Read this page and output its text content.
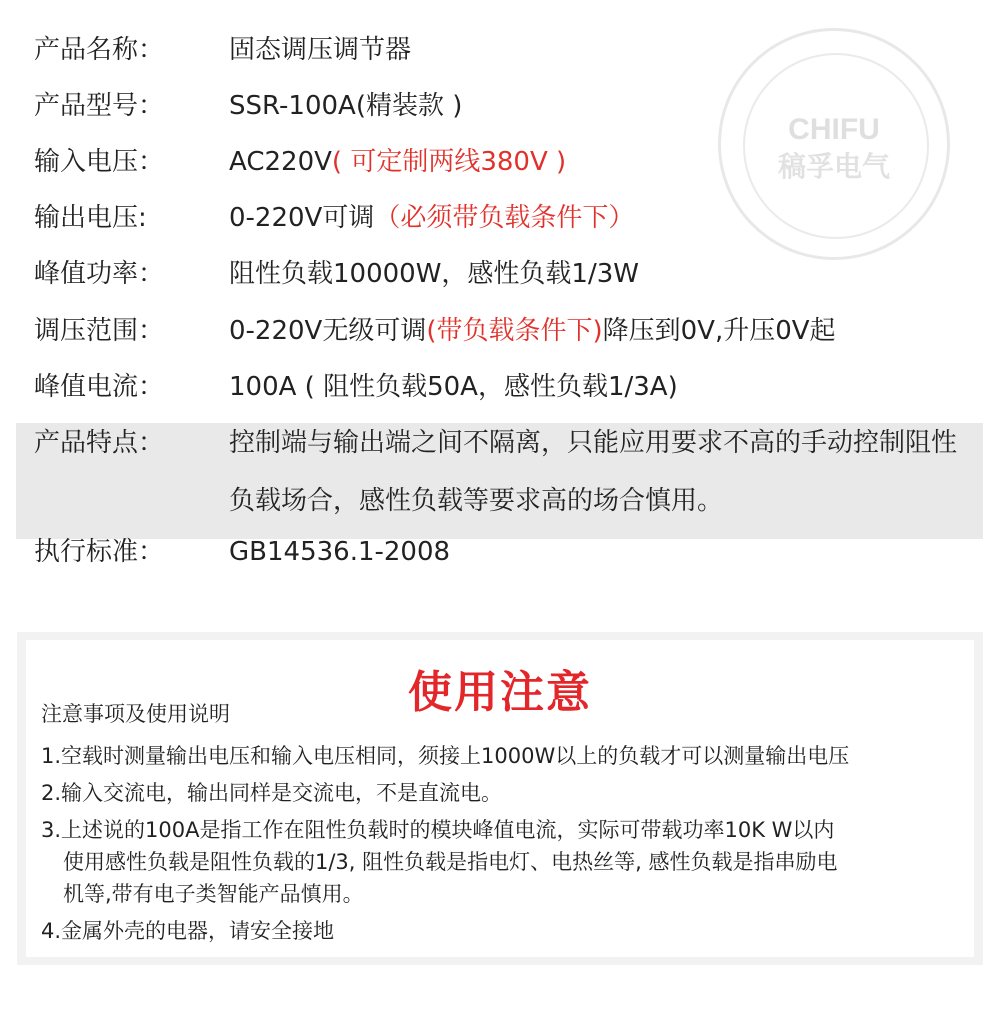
产品名称： 固态调压调节器
产品型号： SSR-100A(精装款 )
输入电压： AC220V( 可定制两线380V )
输出电压:	0-220V可调（必须带负载条件下）
峰值功率： 阻性负载10000W，感性负载1/3W
调压范围： 0-220V无级可调(带负载条件下)降压到0V,升压0V起
峰值电流： 100A ( 阻性负载50A，感性负载1/3A)
产品特点： 控制端与输出端之间不隔离，只能应用要求不高的手动控制阻性负载场合，感性负载等要求高的场合慎用。
执行标准： GB14536.1-2008
CHIFU
稿孚电气
使用注意
注意事项及使用说明
1.空载时测量输出电压和输入电压相同，须接上1000W以上的负载才可以测量输出电压
2.输入交流电，输出同样是交流电，不是直流电。
3.上述说的100A是指工作在阻性负载时的模块峰值电流，实际可带载功率10K W以内
使用感性负载是阻性负载的1/3, 阻性负载是指电灯、电热丝等, 感性负载是指串励电
机等,带有电子类智能产品慎用。
4.金属外壳的电器，请安全接地
